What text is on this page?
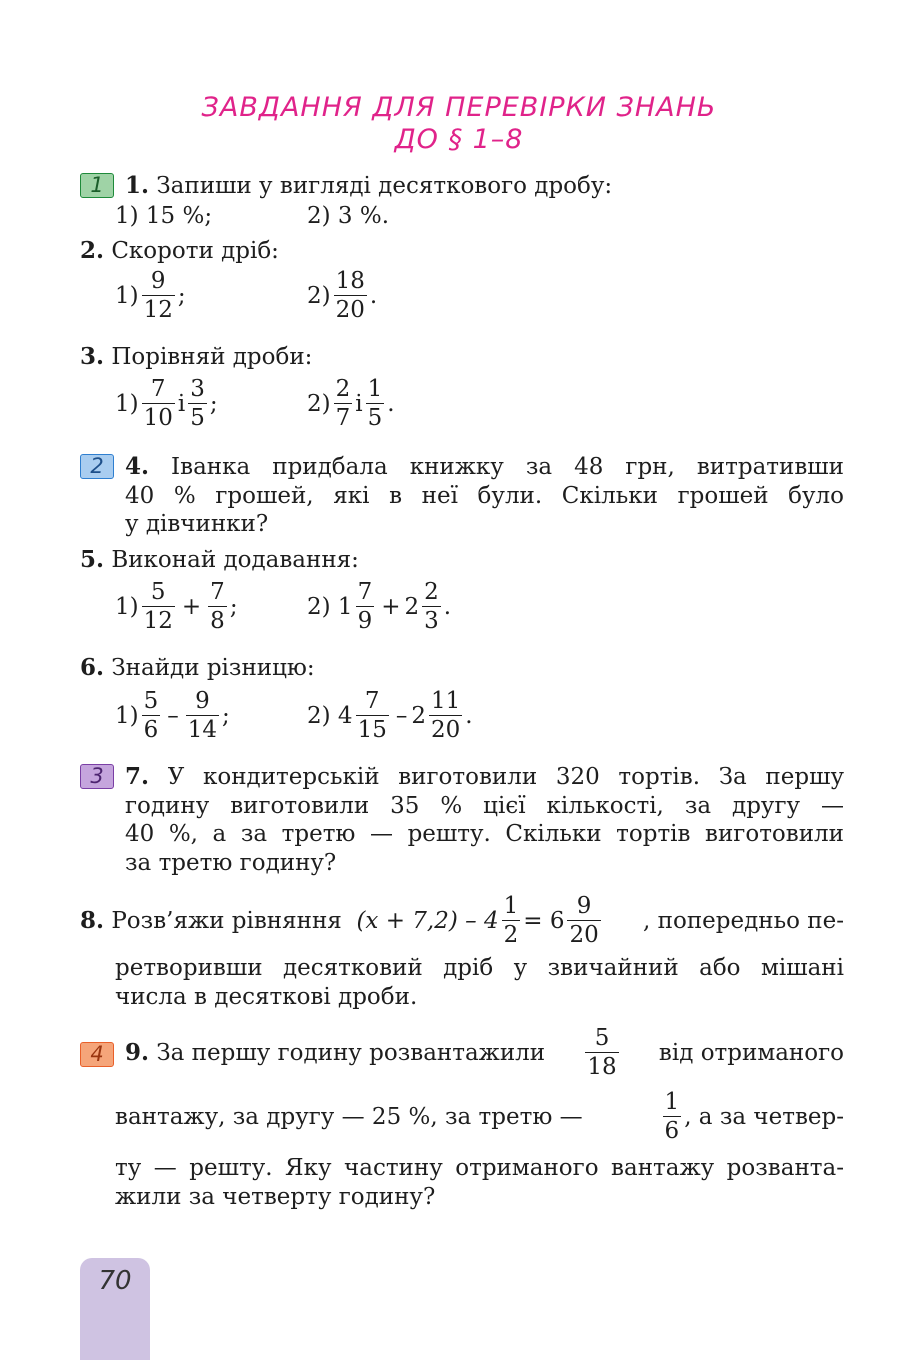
ЗАВДАННЯ ДЛЯ ПЕРЕВІРКИ ЗНАНЬ
ДО § 1–8
1 1. Запиши у вигляді десяткового дробу:
1) 15 %;	2) 3 %.
2. Скороти дріб:
$1) \frac{9}{12}$ ;	$2) \frac{18}{20}$ .
3. Порівняй дроби:
$1) \frac{7}{10}$ і $\frac{3}{5}$ ;	$2) \frac{2}{7}$ і $\frac{1}{5}$ .
2 4. Іванка придбала книжку за 48 грн, витративши
40 % грошей, які в неї були. Скільки грошей було
у дівчинки?
5. Виконай додавання:
$1) \frac{5}{12} + \frac{7}{8}$ ;	2)
$1 \frac{7}{9} + 2 \frac{2}{3}$ .
6. Знайди різницю:
$1) \frac{5}{6} - \frac{9}{14}$ ;	2)
$4 \frac{7}{15} - 2 \frac{11}{20}$ .
3 7. У кондитерській виготовили 320 тортів. За першу
годину виготовили 35 % цієї кількості, за другу —
40 %, а за третю — решту. Скільки тортів виготовили
за третю годину?
8.
Розв’яжи рівняння
$(x + 7,2) - 4 \frac{1}{2} = 6 \frac{9}{20}$	, попередньо пе-
ретворивши десятковий дріб у звичайний або мішані
числа в десяткові дроби.
4 9. За першу годину розвантажили $\frac{5}{18}$ від отриманого
вантажу, за другу — 25 %, за третю —	$\frac{1}{6}$ , а за четвер-
ту — решту. Яку частину отриманого вантажу розванта-
жили за четверту годину?
70
